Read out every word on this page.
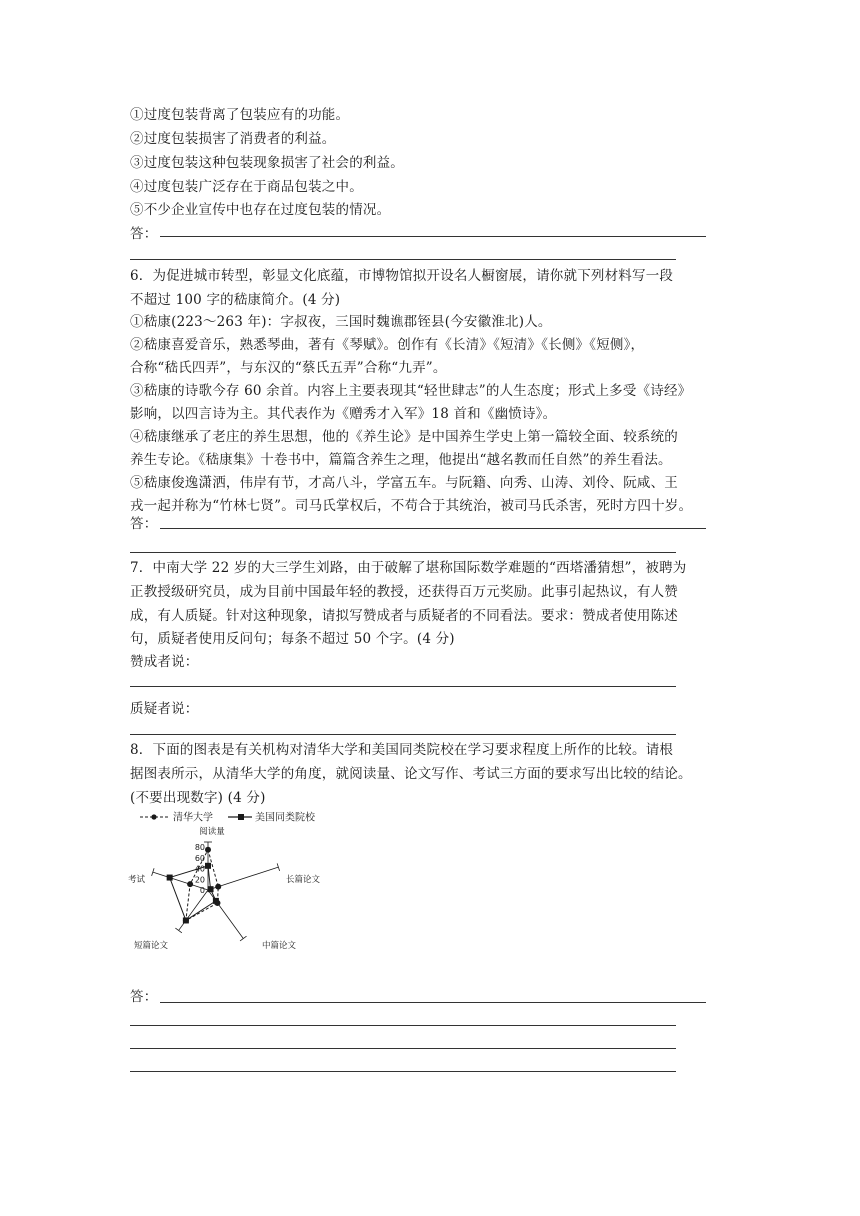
①过度包装背离了包装应有的功能。
②过度包装损害了消费者的利益。
③过度包装这种包装现象损害了社会的利益。
④过度包装广泛存在于商品包装之中。
⑤不少企业宣传中也存在过度包装的情况。
答：
6．为促进城市转型，彰显文化底蕴，市博物馆拟开设名人橱窗展，请你就下列材料写一段
不超过 100 字的嵇康简介。(4 分)
①嵇康(223～263 年)：字叔夜，三国时魏谯郡铚县(今安徽淮北)人。
②嵇康喜爱音乐，熟悉琴曲，著有《琴赋》。创作有《长清》《短清》《长侧》《短侧》，
合称“嵇氏四弄”，与东汉的“蔡氏五弄”合称“九弄”。
③嵇康的诗歌今存 60 余首。内容上主要表现其“轻世肆志”的人生态度；形式上多受《诗经》
影响，以四言诗为主。其代表作为《赠秀才入军》18 首和《幽愤诗》。
④嵇康继承了老庄的养生思想，他的《养生论》是中国养生学史上第一篇较全面、较系统的
养生专论。《嵇康集》十卷书中，篇篇含养生之理，他提出“越名教而任自然”的养生看法。
⑤嵇康俊逸潇洒，伟岸有节，才高八斗，学富五车。与阮籍、向秀、山涛、刘伶、阮咸、王
戎一起并称为“竹林七贤”。司马氏掌权后，不苟合于其统治，被司马氏杀害，死时方四十岁。
答：
7．中南大学 22 岁的大三学生刘路，由于破解了堪称国际数学难题的“西塔潘猜想”，被聘为
正教授级研究员，成为目前中国最年轻的教授，还获得百万元奖励。此事引起热议，有人赞
成，有人质疑。针对这种现象，请拟写赞成者与质疑者的不同看法。要求：赞成者使用陈述
句，质疑者使用反问句；每条不超过 50 个字。(4 分)
赞成者说：
质疑者说：
8．下面的图表是有关机构对清华大学和美国同类院校在学习要求程度上所作的比较。请根
据图表所示，从清华大学的角度，就阅读量、论文写作、考试三方面的要求写出比较的结论。
(不要出现数字) (4 分)
清华大学	美国同类院校
阅读量
长篇论文
中篇论文
短篇论文
考试
80
60
40
20
0
答：
